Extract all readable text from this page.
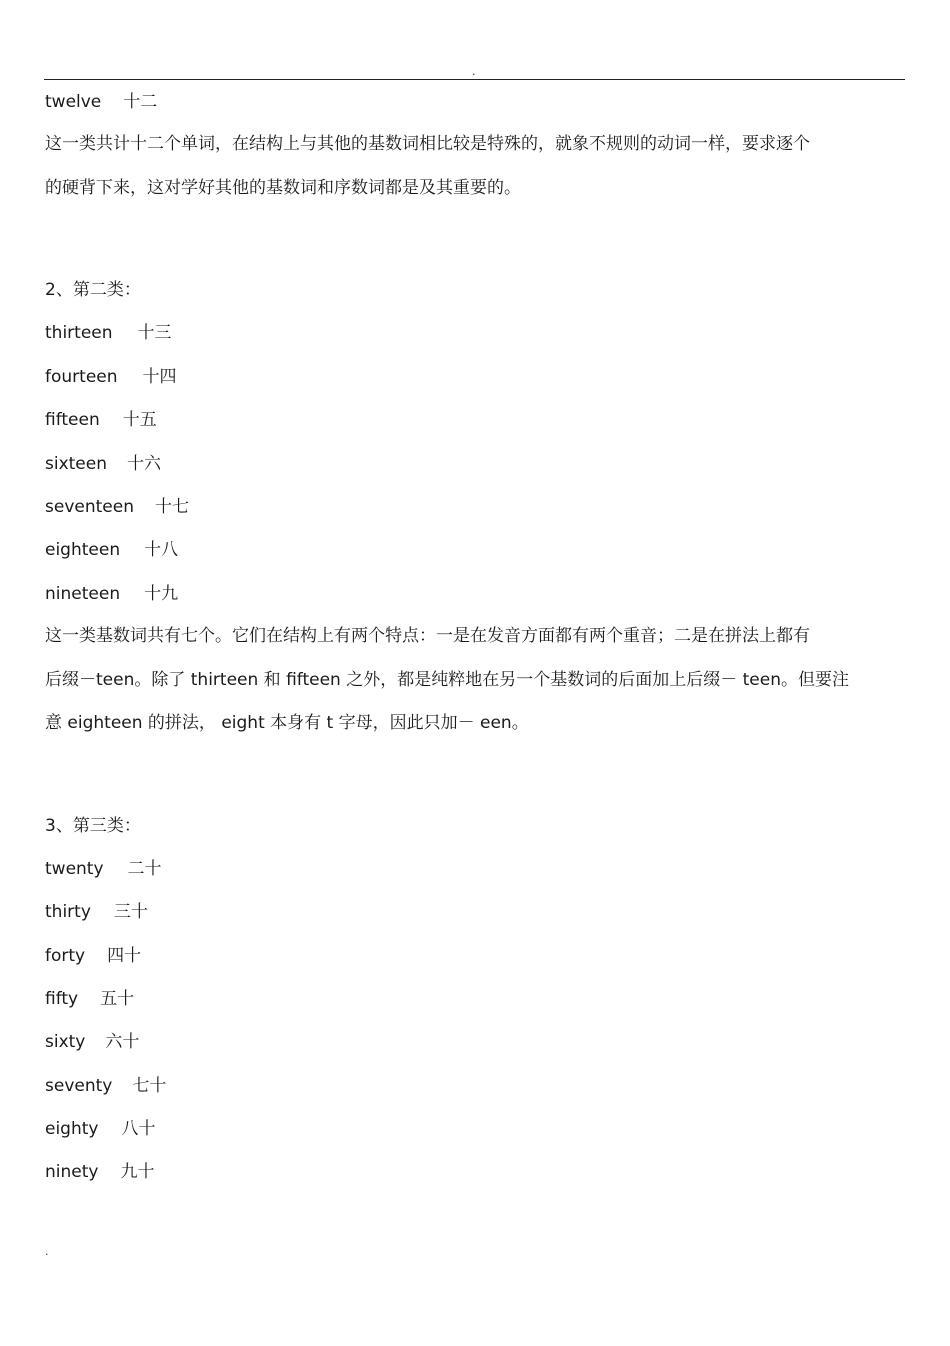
.
twelve 十二
这一类共计十二个单词，在结构上与其他的基数词相比较是特殊的，就象不规则的动词一样，要求逐个
的硬背下来，这对学好其他的基数词和序数词都是及其重要的。
2、第二类：
thirteen 十三
fourteen 十四
fifteen 十五
sixteen 十六
seventeen 十七
eighteen 十八
nineteen 十九
这一类基数词共有七个。它们在结构上有两个特点：一是在发音方面都有两个重音；二是在拼法上都有
后缀－teen。除了 thirteen 和 fifteen 之外，都是纯粹地在另一个基数词的后面加上后缀－ teen。但要注
意 eighteen 的拼法， eight 本身有 t 字母，因此只加－ een。
3、第三类：
twenty 二十
thirty 三十
forty 四十
fifty 五十
sixty 六十
seventy 七十
eighty 八十
ninety 九十
.
